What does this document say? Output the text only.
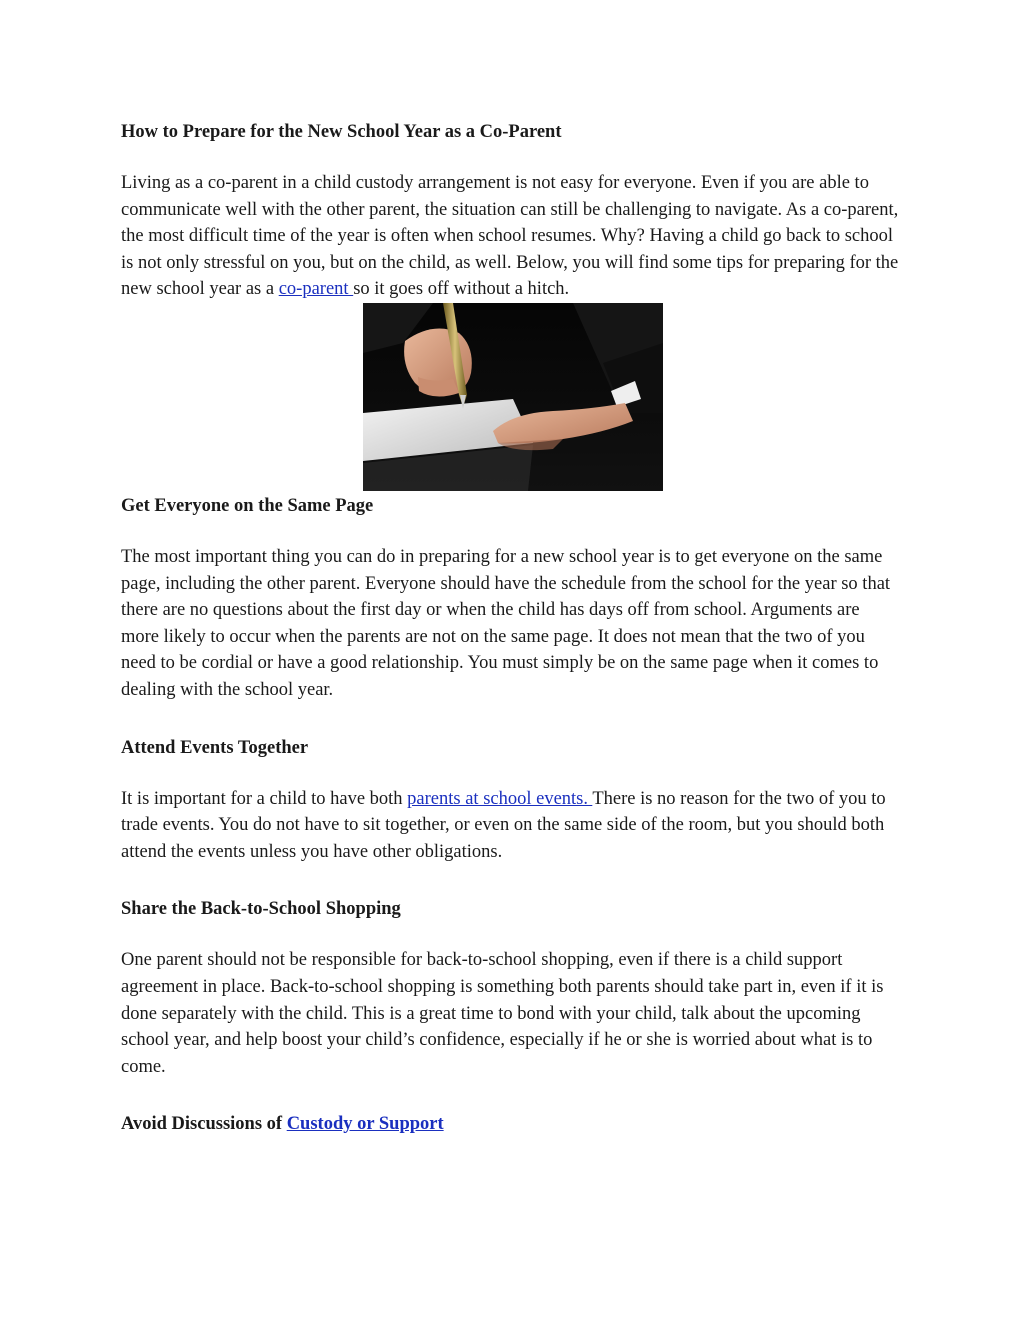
How to Prepare for the New School Year as a Co-Parent

Living as a co-parent in a child custody arrangement is not easy for everyone. Even if you are able to communicate well with the other parent, the situation can still be challenging to navigate. As a co-parent, the most difficult time of the year is often when school resumes. Why? Having a child go back to school is not only stressful on you, but on the child, as well. Below, you will find some tips for preparing for the new school year as a co-parent so it goes off without a hitch.

Get Everyone on the Same Page

The most important thing you can do in preparing for a new school year is to get everyone on the same page, including the other parent. Everyone should have the schedule from the school for the year so that there are no questions about the first day or when the child has days off from school. Arguments are more likely to occur when the parents are not on the same page. It does not mean that the two of you need to be cordial or have a good relationship. You must simply be on the same page when it comes to dealing with the school year.

Attend Events Together

It is important for a child to have both parents at school events. There is no reason for the two of you to trade events. You do not have to sit together, or even on the same side of the room, but you should both attend the events unless you have other obligations.

Share the Back-to-School Shopping

One parent should not be responsible for back-to-school shopping, even if there is a child support agreement in place. Back-to-school shopping is something both parents should take part in, even if it is done separately with the child. This is a great time to bond with your child, talk about the upcoming school year, and help boost your child’s confidence, especially if he or she is worried about what is to come.

Avoid Discussions of Custody or Support
